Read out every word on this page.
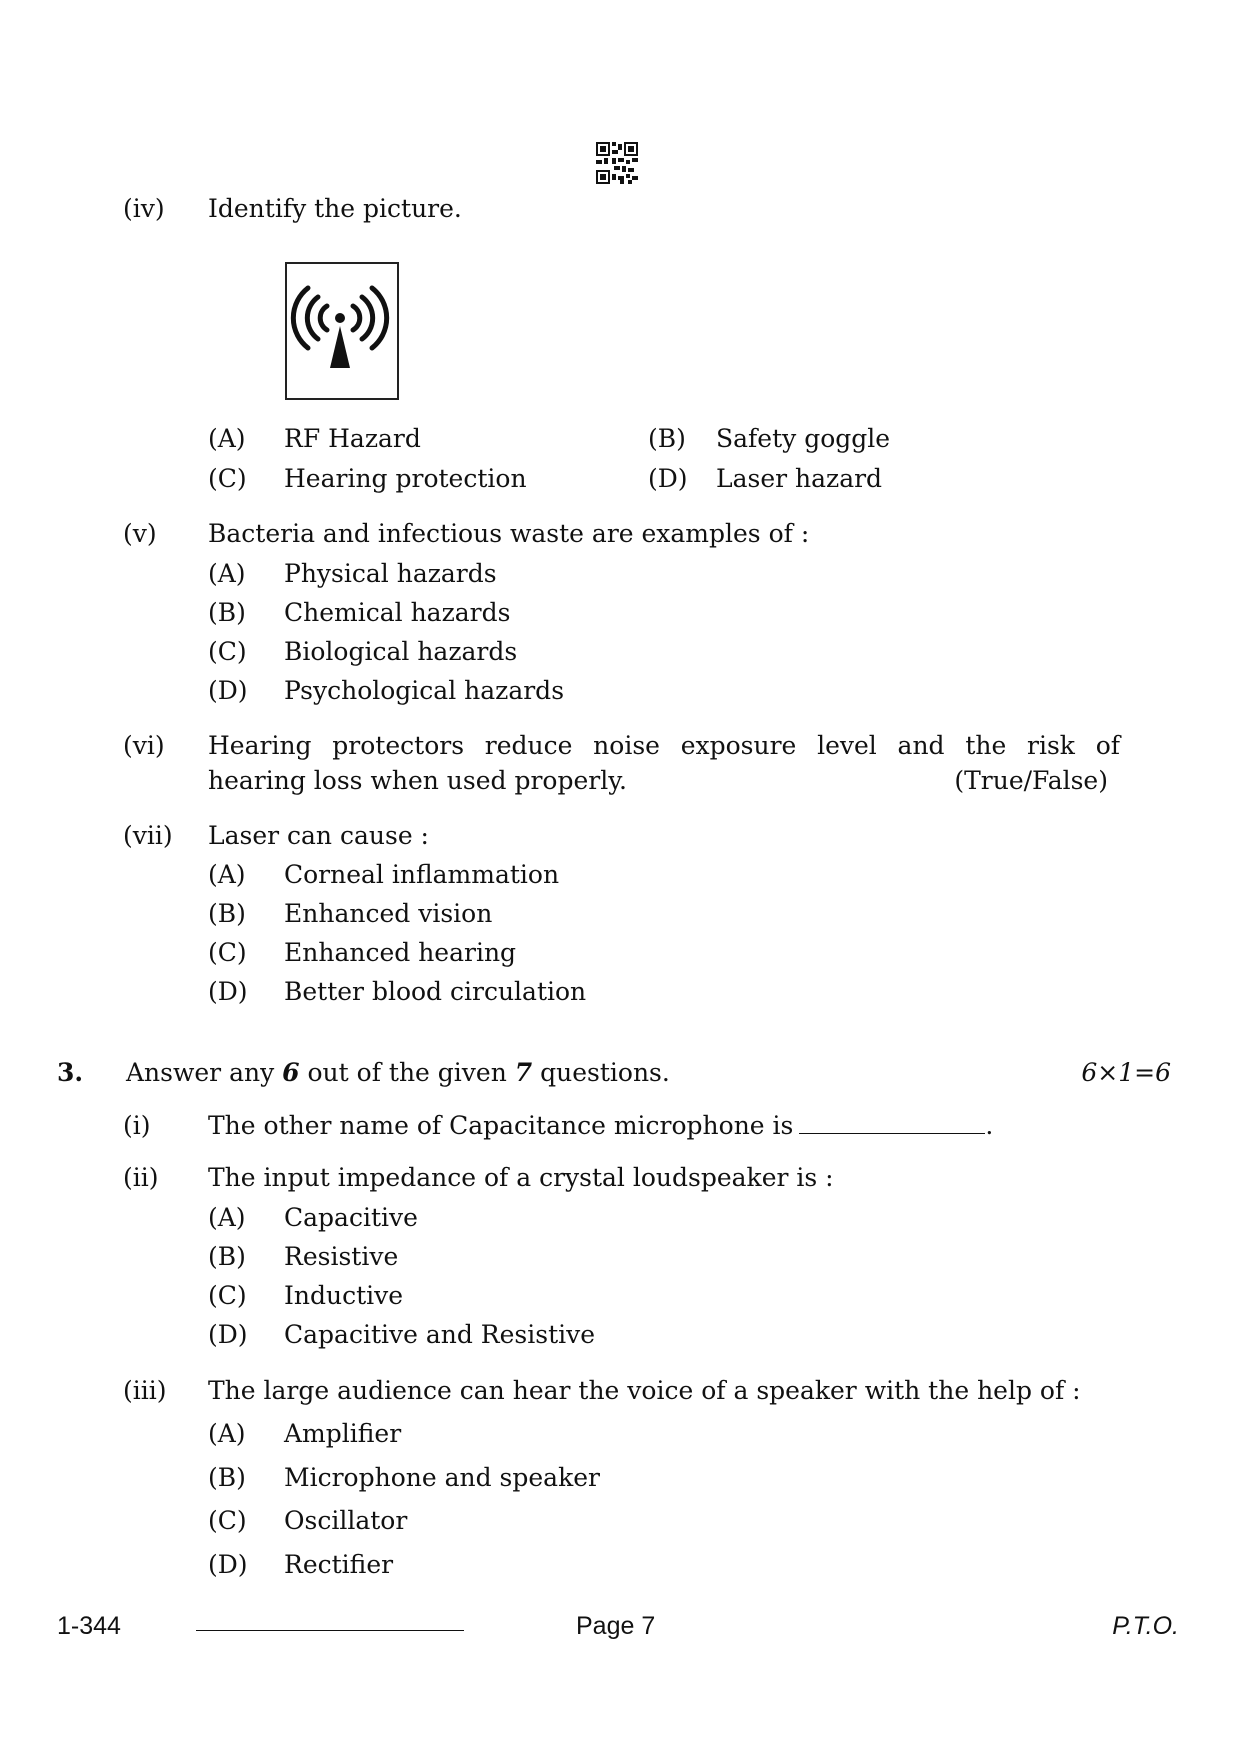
(iv) Identify the picture.
(A) RF Hazard	(B) Safety goggle
(C) Hearing protection	(D) Laser hazard
(v) Bacteria and infectious waste are examples of :
(A) Physical hazards
(B) Chemical hazards
(C) Biological hazards
(D) Psychological hazards
(vi) Hearing protectors reduce noise exposure level and the risk of
hearing loss when used properly.	(True/False)
(vii) Laser can cause :
(A) Corneal inflammation
(B) Enhanced vision
(C) Enhanced hearing
(D) Better blood circulation
3. Answer any 6 out of the given 7 questions.	6×1=6
(i) The other name of Capacitance microphone is	.
(ii) The input impedance of a crystal loudspeaker is :
(A) Capacitive
(B) Resistive
(C) Inductive
(D) Capacitive and Resistive
(iii) The large audience can hear the voice of a speaker with the help of :
(A) Amplifier
(B) Microphone and speaker
(C) Oscillator
(D) Rectifier
1-344	Page 7	P.T.O.
